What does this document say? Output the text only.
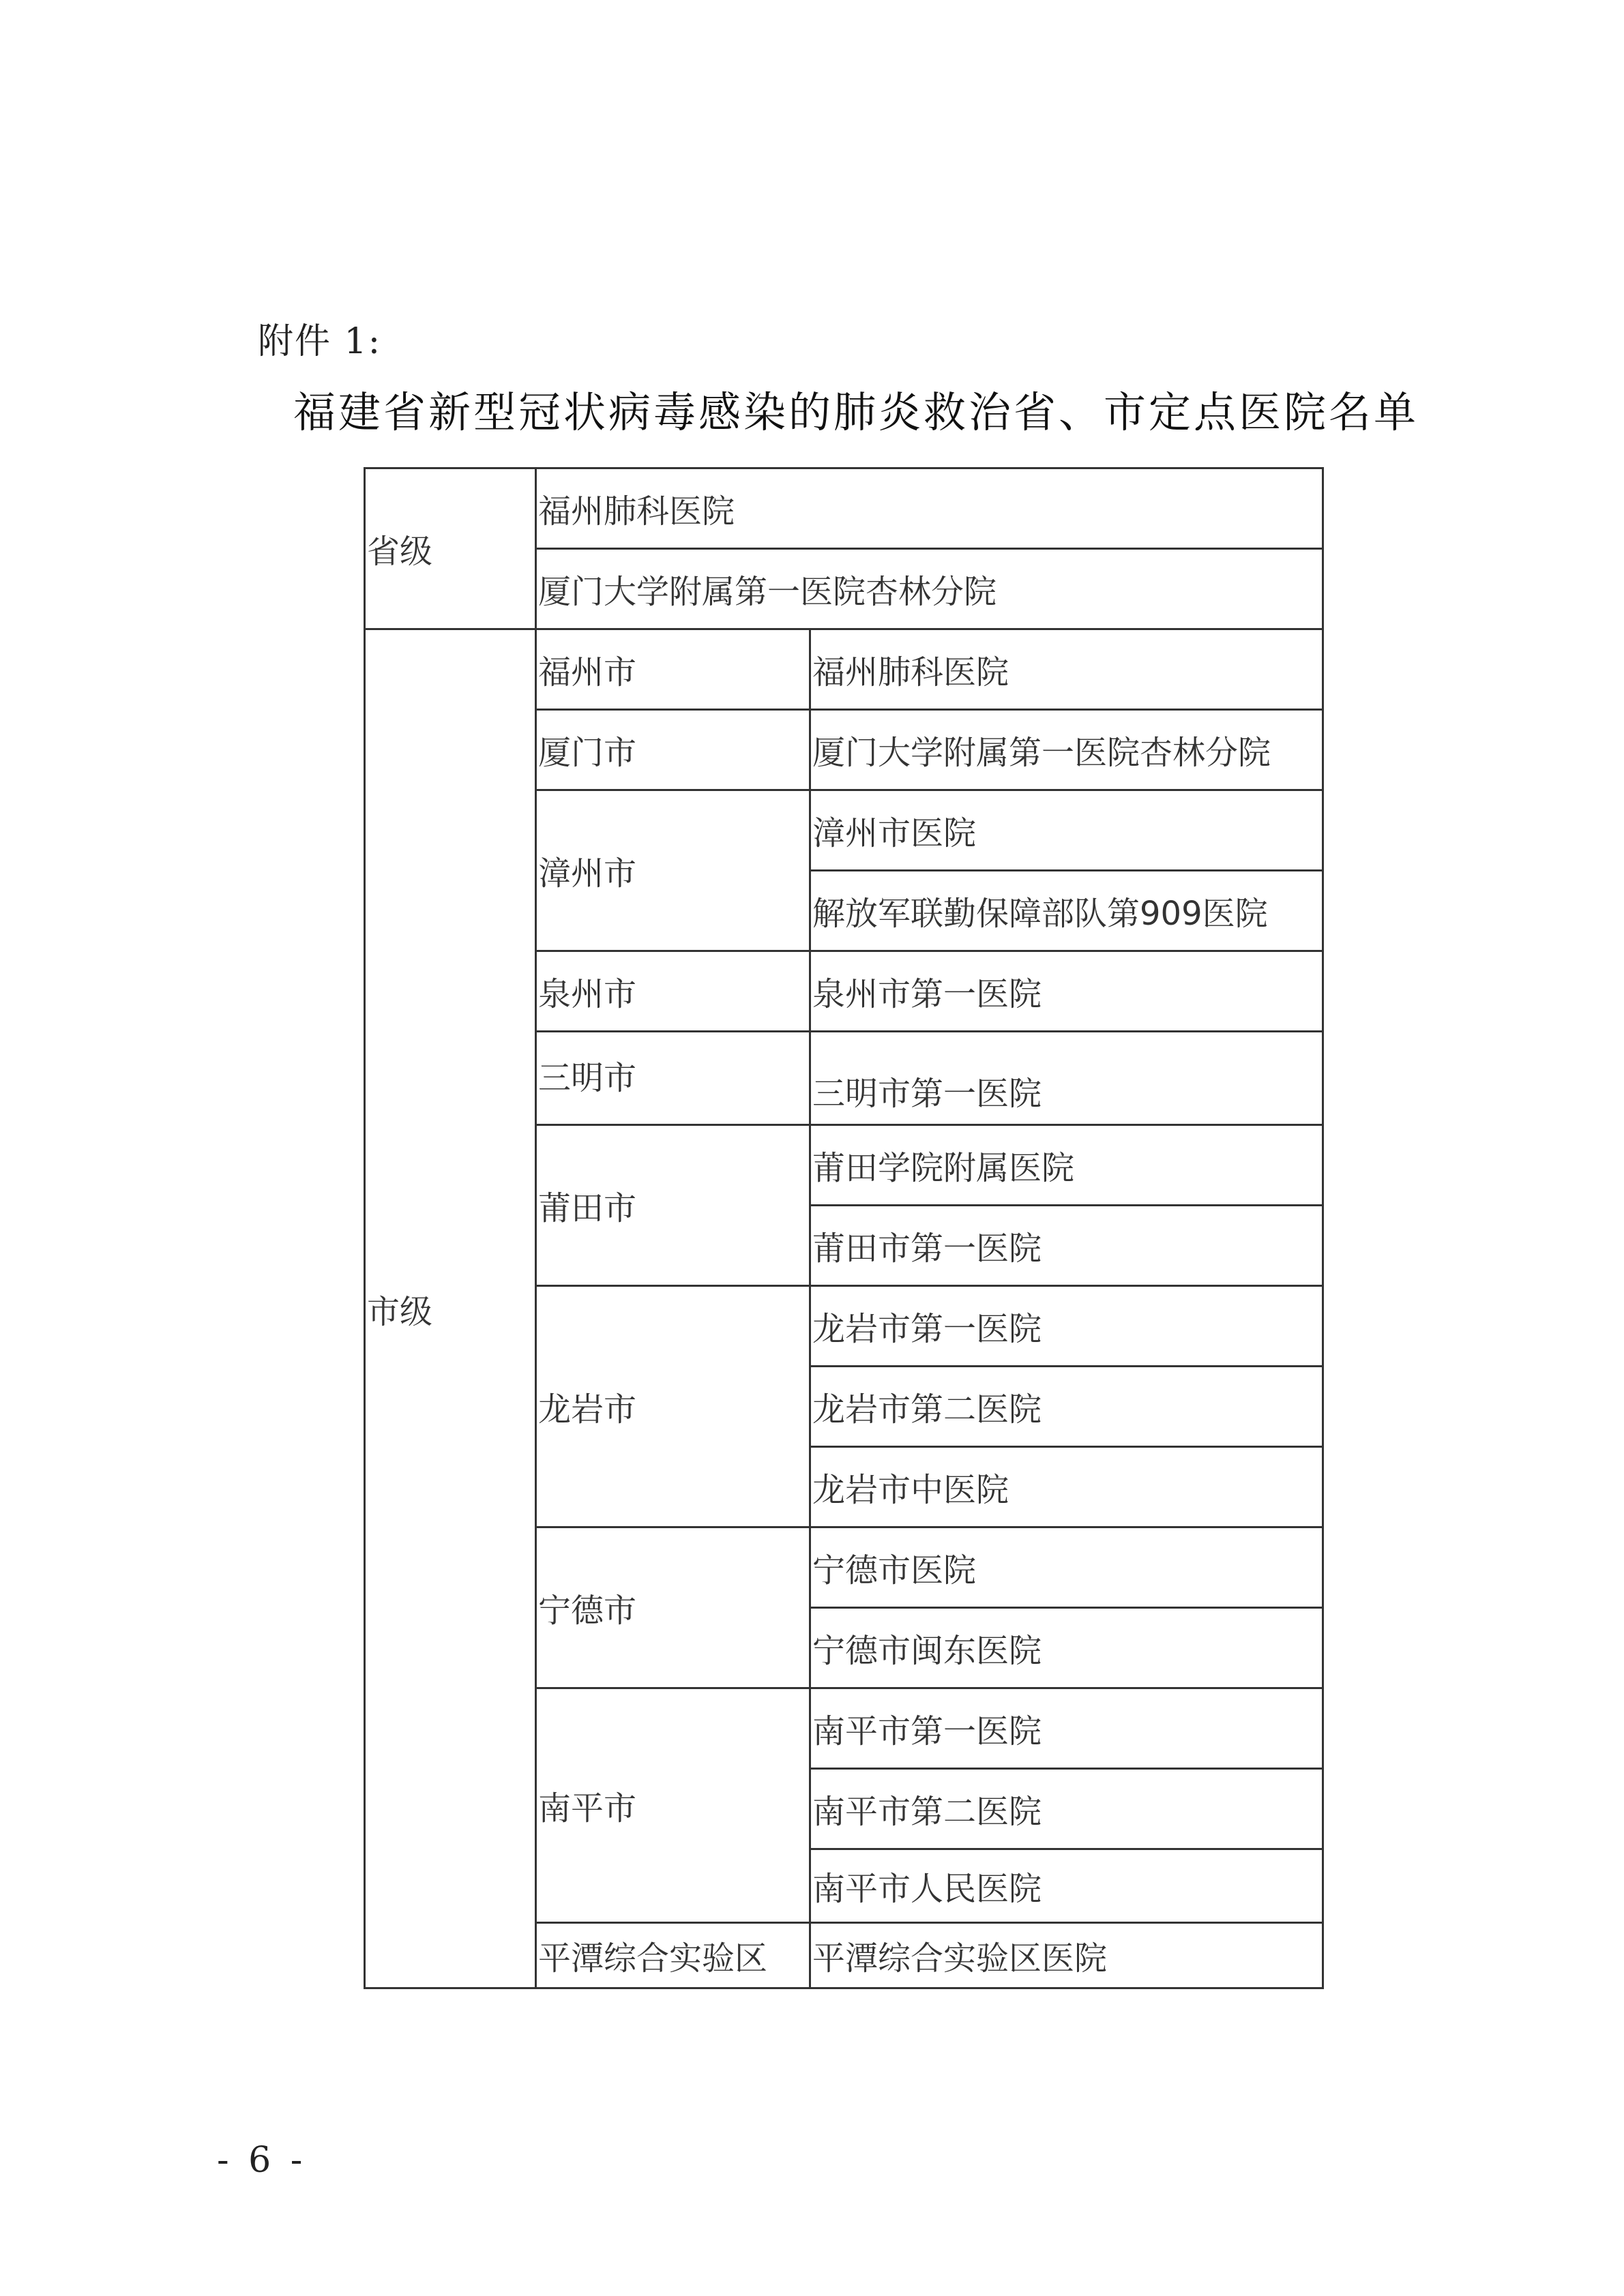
附件 1:
福建省新型冠状病毒感染的肺炎救治省、市定点医院名单
省级	福州肺科医院	
	厦门大学附属第一医院杏林分院	
市级	福州市	福州肺科医院
	厦门市	厦门大学附属第一医院杏林分院
	漳州市	漳州市医院
		解放军联勤保障部队第909医院
	泉州市	泉州市第一医院
	三明市	三明市第一医院
	莆田市	莆田学院附属医院
		莆田市第一医院
	龙岩市	龙岩市第一医院
		龙岩市第二医院
		龙岩市中医院
	宁德市	宁德市医院
		宁德市闽东医院
	南平市	南平市第一医院
		南平市第二医院
		南平市人民医院
	平潭综合实验区	平潭综合实验区医院
- 6 -
